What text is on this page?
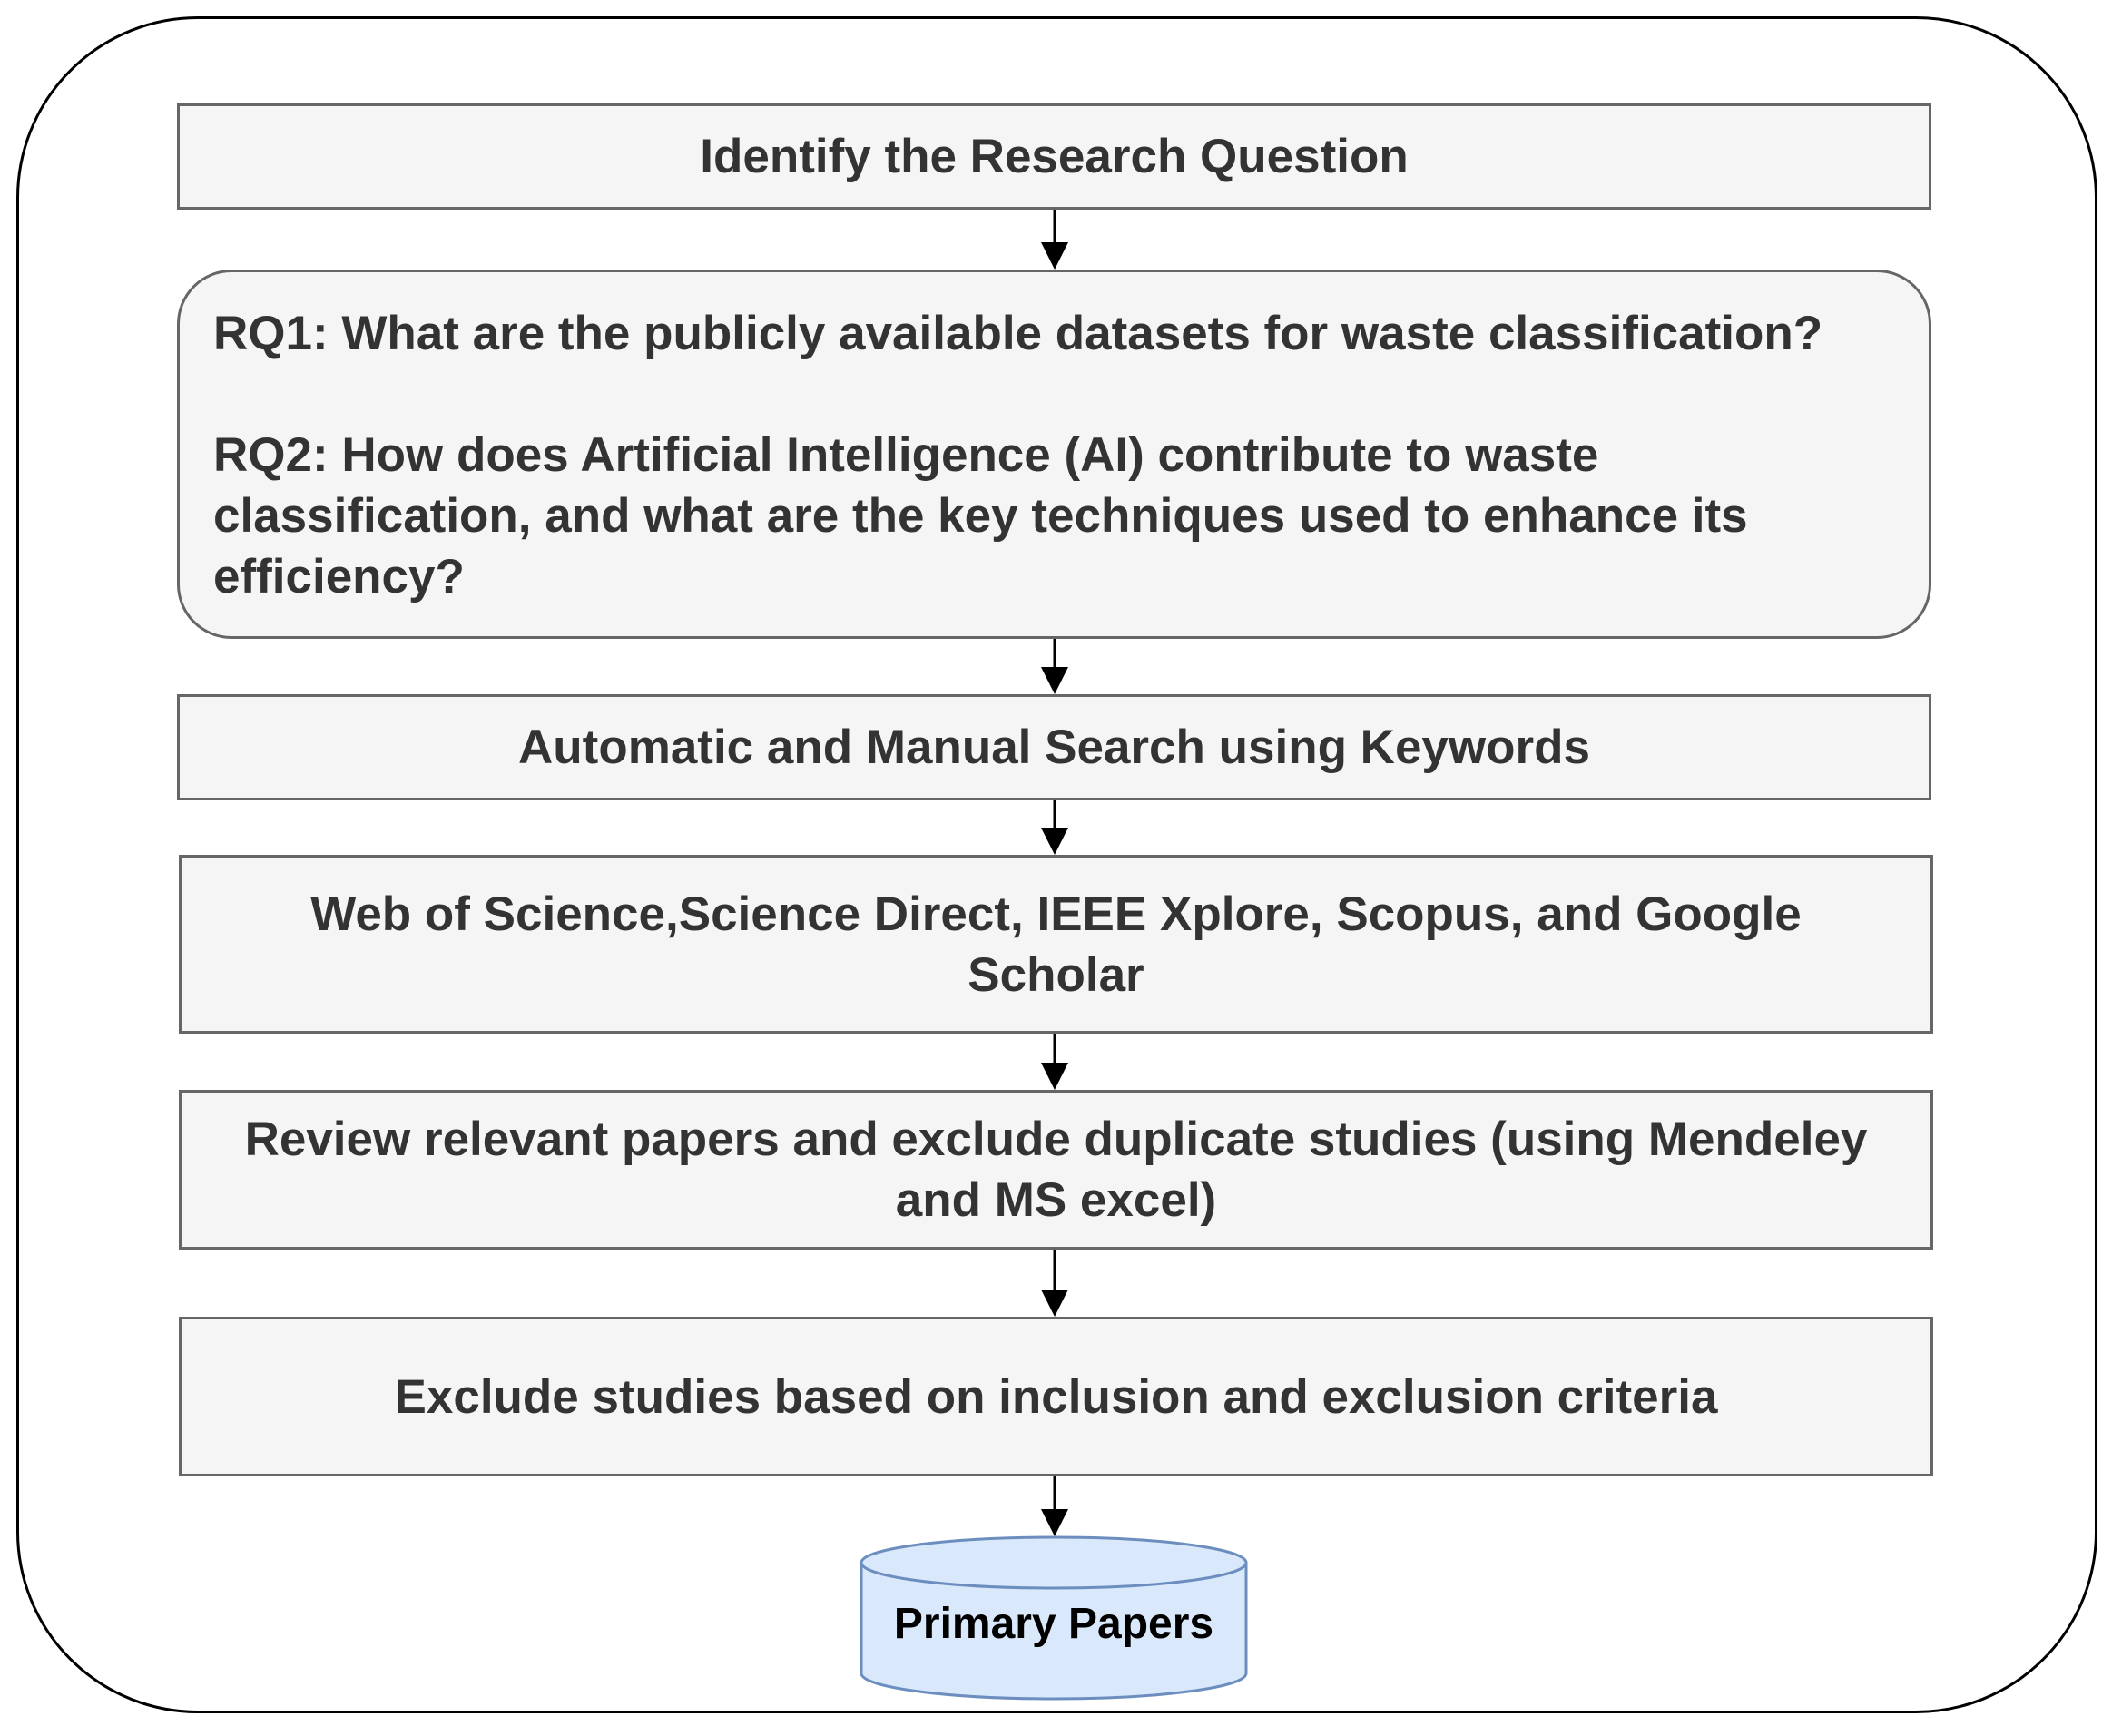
Identify the Research Question

RQ1: What are the publicly available datasets for waste classification?

RQ2: How does Artificial Intelligence (AI) contribute to waste

classification, and what are the key techniques used to enhance its

efficiency?

Automatic and Manual Search using Keywords
Web of Science,Science Direct, IEEE Xplore, Scopus, and Google
Scholar
Review relevant papers and exclude duplicate studies (using Mendeley
and MS excel)
Exclude studies based on inclusion and exclusion criteria
Primary Papers
